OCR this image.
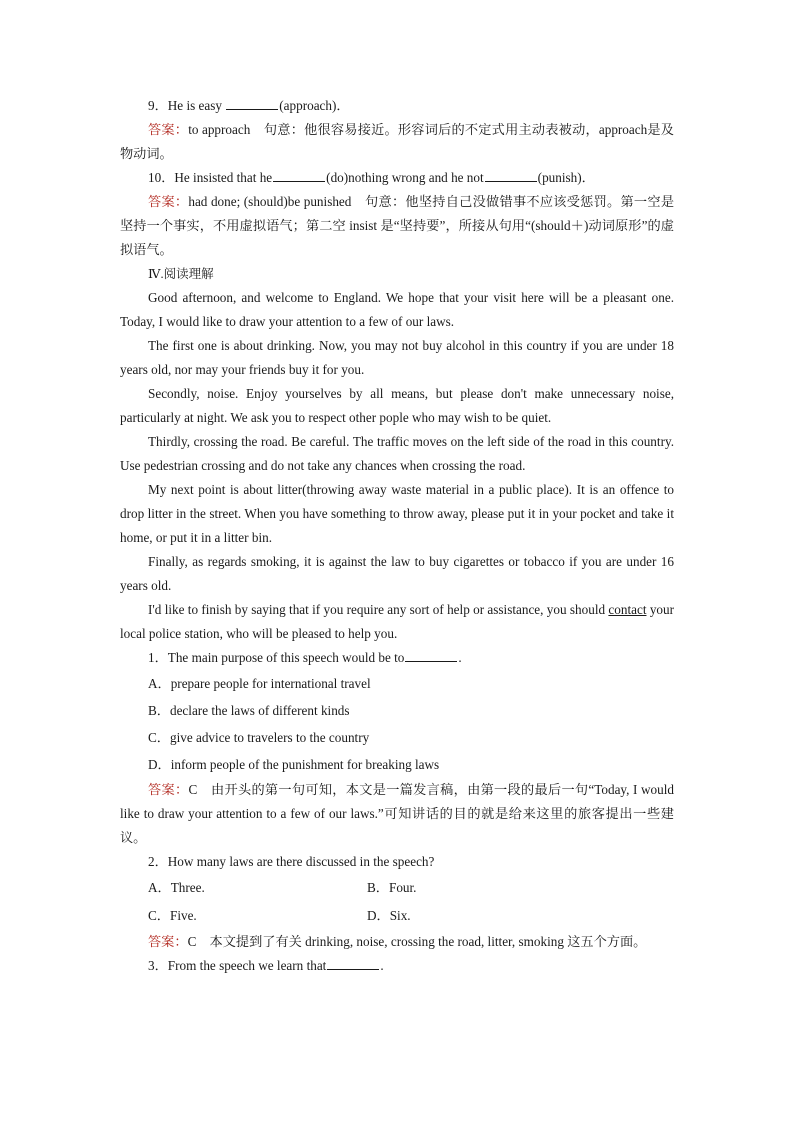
9．He is easy	(approach)．

答案：to approach　句意：他很容易接近。形容词后的不定式用主动表被动，approach是及物动词。

10．He insisted that he	(do)nothing wrong and he not	(punish)．

答案：had done; (should)be punished　句意：他坚持自己没做错事不应该受惩罚。第一空是坚持一个事实，不用虚拟语气；第二空 insist 是“坚持要”，所接从句用“(should＋)动词原形”的虚拟语气。

Ⅳ.阅读理解

Good afternoon, and welcome to England. We hope that your visit here will be a pleasant one. Today, I would like to draw your attention to a few of our laws.

The first one is about drinking. Now, you may not buy alcohol in this country if you are under 18 years old, nor may your friends buy it for you.

Secondly, noise. Enjoy yourselves by all means, but please don't make unnecessary noise, particularly at night. We ask you to respect other pople who may wish to be quiet.

Thirdly, crossing the road. Be careful. The traffic moves on the left side of the road in this country. Use pedestrian crossing and do not take any chances when crossing the road.

My next point is about litter(throwing away waste material in a public place). It is an offence to drop litter in the street. When you have something to throw away, please put it in your pocket and take it home, or put it in a litter bin.

Finally, as regards smoking, it is against the law to buy cigarettes or tobacco if you are under 16 years old.

I'd like to finish by saying that if you require any sort of help or assistance, you should contact your local police station, who will be pleased to help you.

1．The main purpose of this speech would be to	.

A．prepare people for international travel

B．declare the laws of different kinds

C．give advice to travelers to the country

D．inform people of the punishment for breaking laws

答案：C　由开头的第一句可知，本文是一篇发言稿，由第一段的最后一句“Today, I would like to draw your attention to a few of our laws.”可知讲话的目的就是给来这里的旅客提出一些建议。

2．How many laws are there discussed in the speech?

A．Three.	B．Four.
C．Five.	D．Six.

答案：C　本文提到了有关 drinking, noise, crossing the road, litter, smoking 这五个方面。

3．From the speech we learn that	.
